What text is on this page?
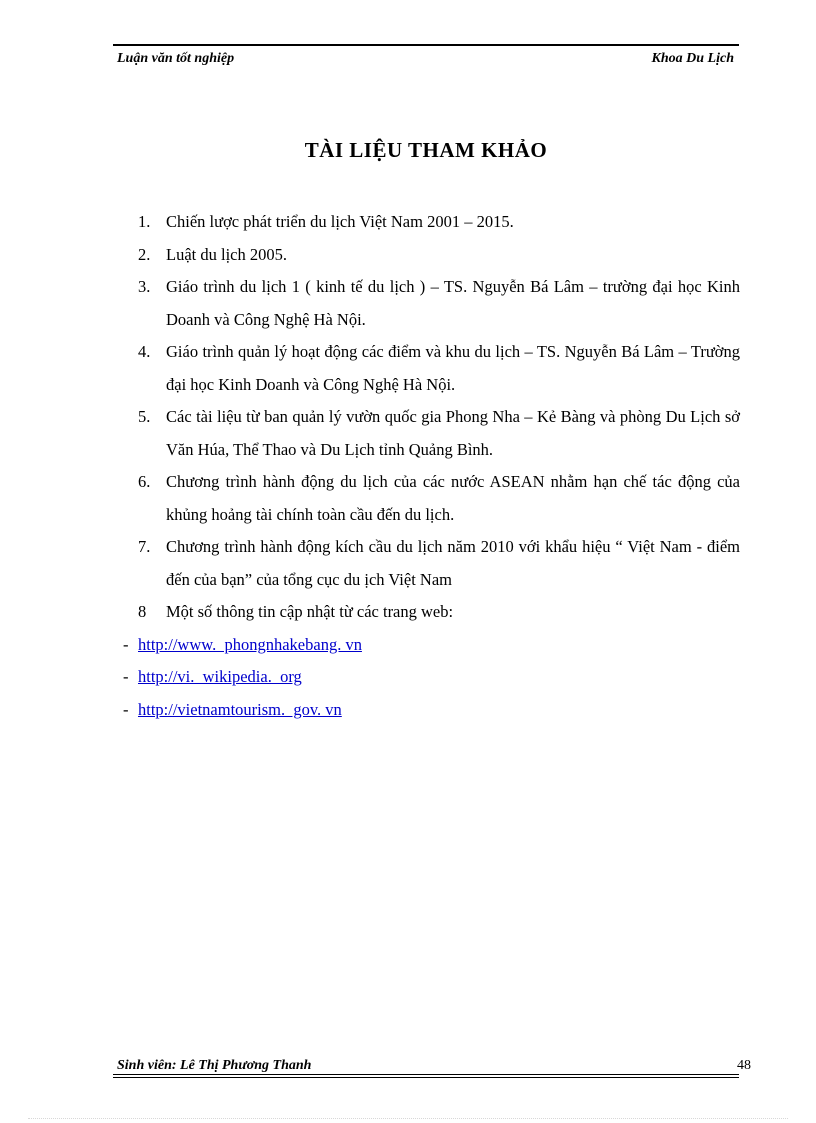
Luận văn tốt nghiệp	Khoa Du Lịch
TÀI LIỆU THAM KHẢO
1. Chiến lược phát triển du lịch Việt Nam 2001 – 2015.
2. Luật du lịch 2005.
3. Giáo trình du lịch 1 ( kinh tế du lịch ) – TS. Nguyễn Bá Lâm – trường đại học Kinh Doanh và Công Nghệ Hà Nội.
4. Giáo trình quản lý hoạt động các điểm và khu du lịch – TS. Nguyễn Bá Lâm – Trường đại học Kinh Doanh và Công Nghệ Hà Nội.
5. Các tài liệu từ ban quản lý vườn quốc gia Phong Nha – Kẻ Bàng và phòng Du Lịch sở Văn Húa, Thể Thao và Du Lịch tỉnh Quảng Bình.
6. Chương trình hành động du lịch của các nước ASEAN nhằm hạn chế tác động của khủng hoảng tài chính toàn cầu đến du lịch.
7. Chương trình hành động kích cầu du lịch năm 2010 với khẩu hiệu “ Việt Nam - điểm đến của bạn” của tổng cục du ịch Việt Nam
8	Một số thông tin cập nhật từ các trang web:
- http://www.  phongnhakebang. vn
- http://vi.  wikipedia.  org
- http://vietnamtourism.  gov. vn
Sinh viên: Lê Thị Phương Thanh	48
